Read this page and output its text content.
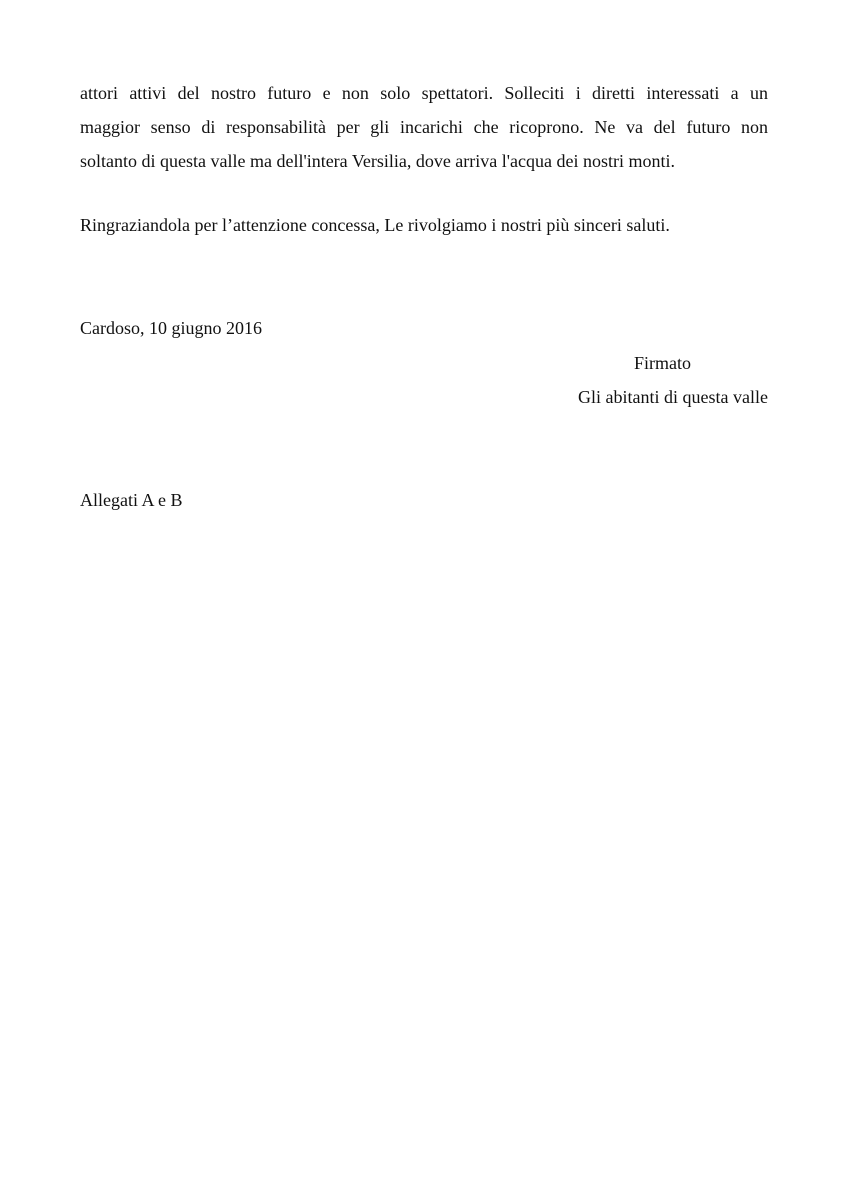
attori attivi del nostro futuro e non solo spettatori. Solleciti i diretti interessati a un
maggior senso di responsabilità per gli incarichi che ricoprono. Ne va del futuro non
soltanto di questa valle ma dell'intera Versilia, dove arriva l'acqua dei nostri monti.
Ringraziandola per l’attenzione concessa, Le rivolgiamo i nostri più sinceri saluti.
Cardoso, 10 giugno 2016
Firmato
Gli abitanti di questa valle
Allegati A e B
